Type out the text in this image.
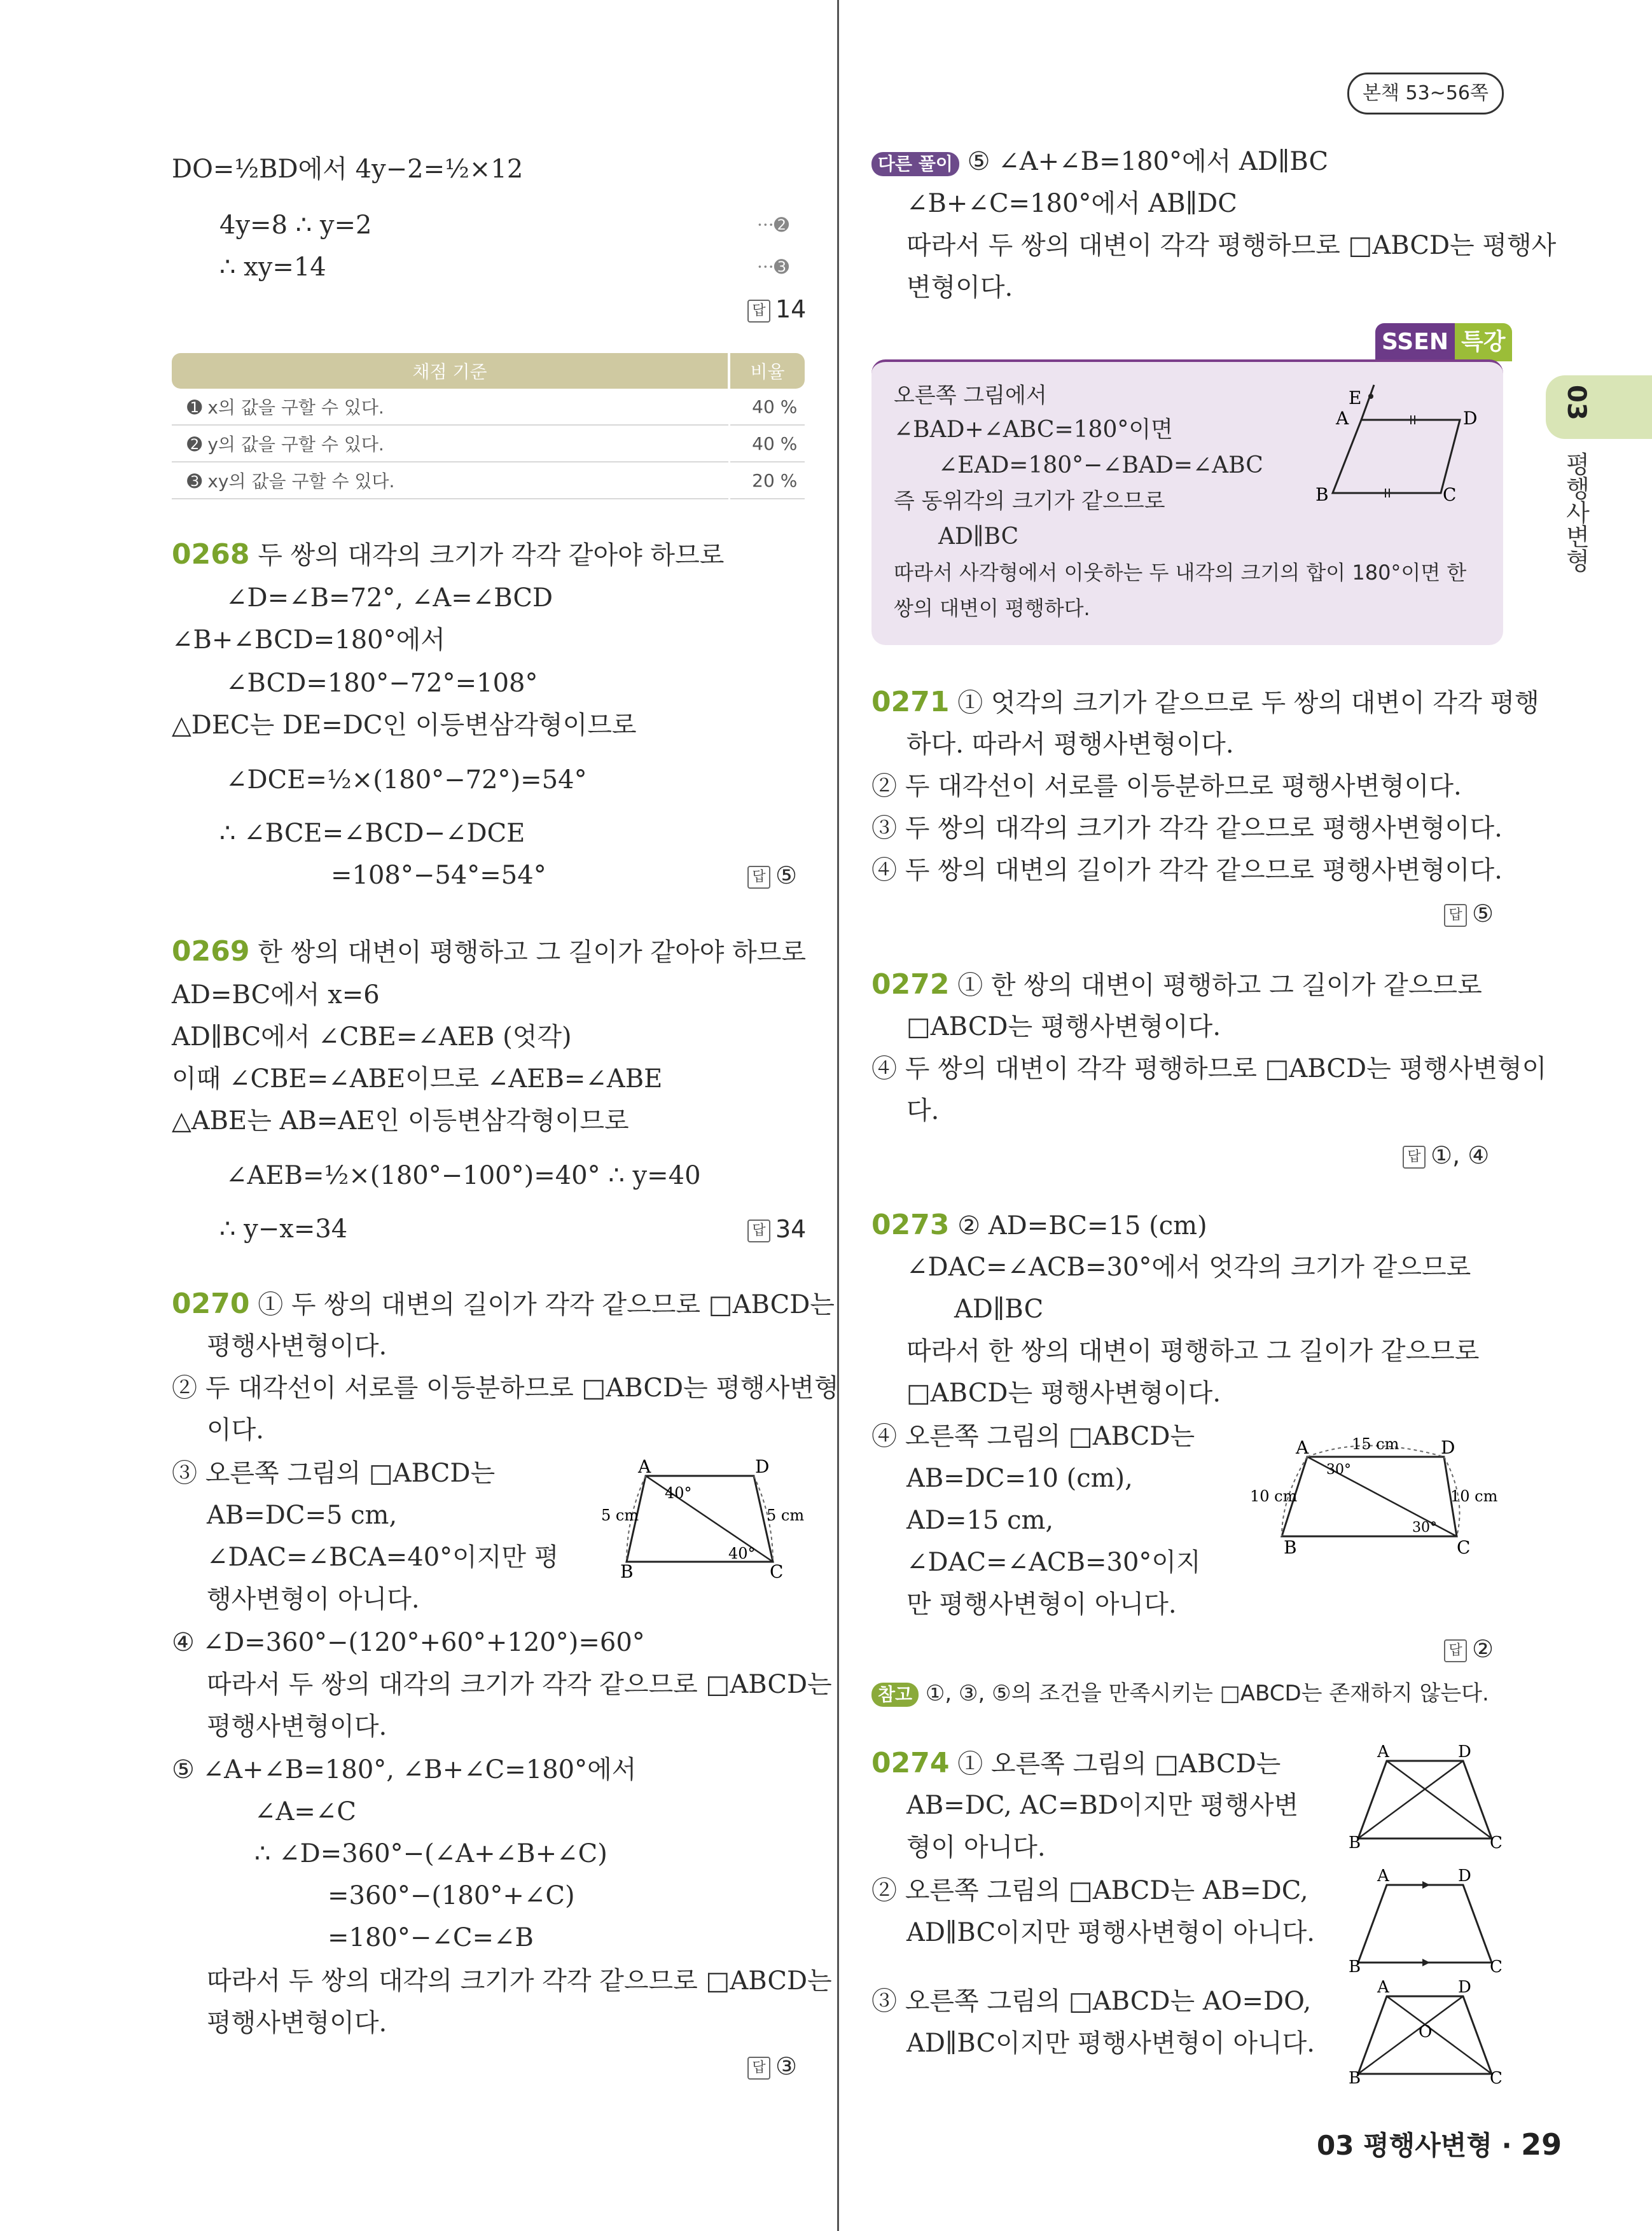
본책 53~56쪽
03
평행사변형
DO=½BD에서 4y−2=½×12
4y=8 ∴ y=2	···➋
∴ xy=14	···➌
답 14
채점 기준	비율
➊ x의 값을 구할 수 있다.	40 %
➋ y의 값을 구할 수 있다.	40 %
➌ xy의 값을 구할 수 있다.	20 %
0268 두 쌍의 대각의 크기가 각각 같아야 하므로
∠D=∠B=72°, ∠A=∠BCD
∠B+∠BCD=180°에서
∠BCD=180°−72°=108°
△DEC는 DE=DC인 이등변삼각형이므로
∠DCE=½×(180°−72°)=54°
∴ ∠BCE=∠BCD−∠DCE
=108°−54°=54°	답 ⑤
0269 한 쌍의 대변이 평행하고 그 길이가 같아야 하므로
AD=BC에서 x=6
AD∥BC에서 ∠CBE=∠AEB (엇각)
이때 ∠CBE=∠ABE이므로 ∠AEB=∠ABE
△ABE는 AB=AE인 이등변삼각형이므로
∠AEB=½×(180°−100°)=40° ∴ y=40
∴ y−x=34	답 34
0270 ① 두 쌍의 대변의 길이가 각각 같으므로 □ABCD는
평행사변형이다.
② 두 대각선이 서로를 이등분하므로 □ABCD는 평행사변형
이다.
③ 오른쪽 그림의 □ABCD는
AB=DC=5 cm,
∠DAC=∠BCA=40°이지만 평
행사변형이 아니다.
④ ∠D=360°−(120°+60°+120°)=60°
따라서 두 쌍의 대각의 크기가 각각 같으므로 □ABCD는
평행사변형이다.
⑤ ∠A+∠B=180°, ∠B+∠C=180°에서
∠A=∠C
∴ ∠D=360°−(∠A+∠B+∠C)
=360°−(180°+∠C)
=180°−∠C=∠B
따라서 두 쌍의 대각의 크기가 각각 같으므로 □ABCD는
평행사변형이다.
답 ③
A	D
B	C
5 cm	5 cm
40°
40°
다른 풀이 ⑤ ∠A+∠B=180°에서 AD∥BC
∠B+∠C=180°에서 AB∥DC
따라서 두 쌍의 대변이 각각 평행하므로 □ABCD는 평행사
변형이다.
SSEN 특강
오른쪽 그림에서
∠BAD+∠ABC=180°이면
∠EAD=180°−∠BAD=∠ABC
즉 동위각의 크기가 같으므로
AD∥BC
따라서 사각형에서 이웃하는 두 내각의 크기의 합이 180°이면 한
쌍의 대변이 평행하다.
E
A	D
B	C
0271 ① 엇각의 크기가 같으므로 두 쌍의 대변이 각각 평행
하다. 따라서 평행사변형이다.
② 두 대각선이 서로를 이등분하므로 평행사변형이다.
③ 두 쌍의 대각의 크기가 각각 같으므로 평행사변형이다.
④ 두 쌍의 대변의 길이가 각각 같으므로 평행사변형이다.
답 ⑤
0272 ① 한 쌍의 대변이 평행하고 그 길이가 같으므로
□ABCD는 평행사변형이다.
④ 두 쌍의 대변이 각각 평행하므로 □ABCD는 평행사변형이
다.
답 ①, ④
0273 ② AD=BC=15 (cm)
∠DAC=∠ACB=30°에서 엇각의 크기가 같으므로
AD∥BC
따라서 한 쌍의 대변이 평행하고 그 길이가 같으므로
□ABCD는 평행사변형이다.
④ 오른쪽 그림의 □ABCD는
AB=DC=10 (cm),
AD=15 cm,
∠DAC=∠ACB=30°이지
만 평행사변형이 아니다.
답 ②
A	D
B	C
15 cm
10 cm	10 cm
30°
30°
참고 ①, ③, ⑤의 조건을 만족시키는 □ABCD는 존재하지 않는다.
0274 ① 오른쪽 그림의 □ABCD는
AB=DC, AC=BD이지만 평행사변
형이 아니다.
② 오른쪽 그림의 □ABCD는 AB=DC,
AD∥BC이지만 평행사변형이 아니다.
③ 오른쪽 그림의 □ABCD는 AO=DO,
AD∥BC이지만 평행사변형이 아니다.
A	D
B	C
A	D
B	C
A	D
B	C
O
03 평행사변형 · 29
